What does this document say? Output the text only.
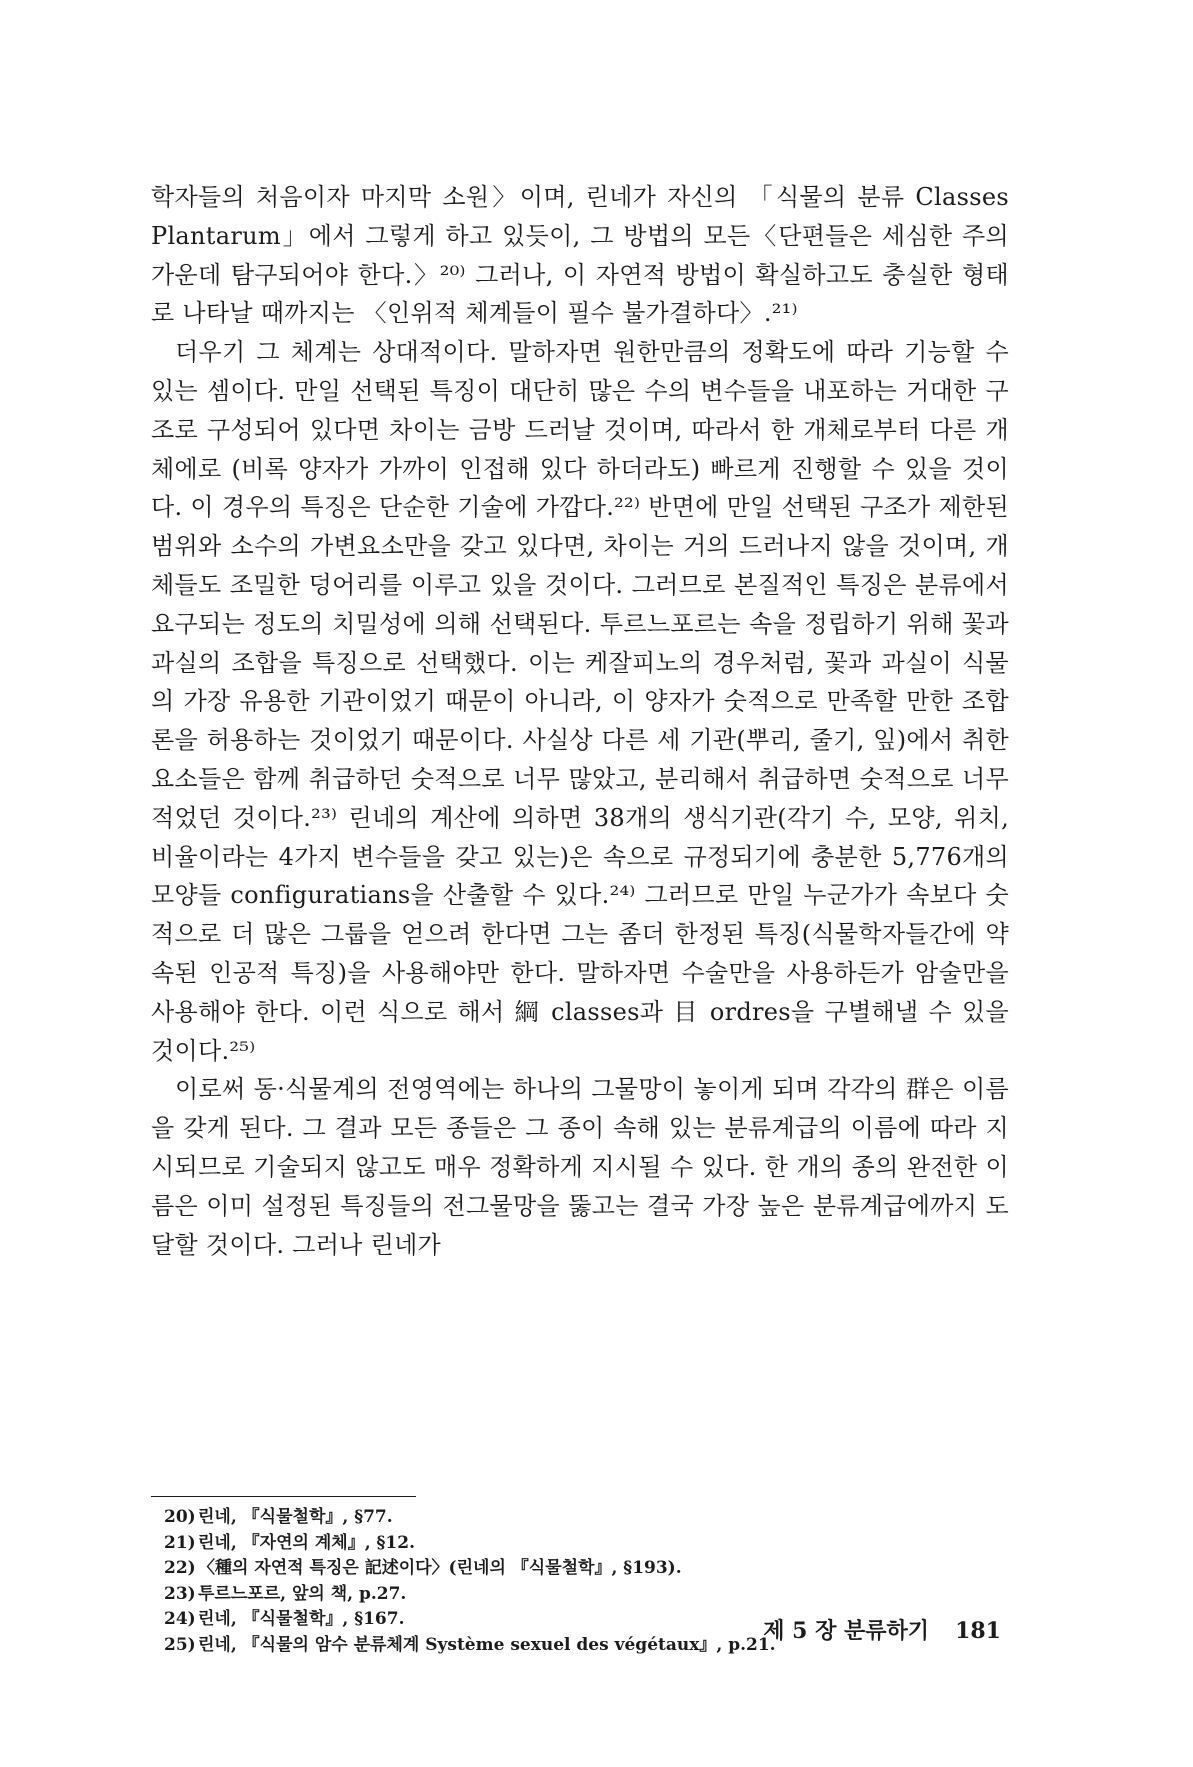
학자들의 처음이자 마지막 소원〉이며, 린네가 자신의 「식물의 분류 Classes Plantarum」에서 그렇게 하고 있듯이, 그 방법의 모든〈단편들은 세심한 주의 가운데 탐구되어야 한다.〉²⁰⁾ 그러나, 이 자연적 방법이 확실하고도 충실한 형태로 나타날 때까지는 〈인위적 체계들이 필수 불가결하다〉.²¹⁾

더우기 그 체계는 상대적이다. 말하자면 원한만큼의 정확도에 따라 기능할 수 있는 셈이다. 만일 선택된 특징이 대단히 많은 수의 변수들을 내포하는 거대한 구조로 구성되어 있다면 차이는 금방 드러날 것이며, 따라서 한 개체로부터 다른 개체에로 (비록 양자가 가까이 인접해 있다 하더라도) 빠르게 진행할 수 있을 것이다. 이 경우의 특징은 단순한 기술에 가깝다.²²⁾ 반면에 만일 선택된 구조가 제한된 범위와 소수의 가변요소만을 갖고 있다면, 차이는 거의 드러나지 않을 것이며, 개체들도 조밀한 덩어리를 이루고 있을 것이다. 그러므로 본질적인 특징은 분류에서 요구되는 정도의 치밀성에 의해 선택된다. 투르느포르는 속을 정립하기 위해 꽃과 과실의 조합을 특징으로 선택했다. 이는 케잘피노의 경우처럼, 꽃과 과실이 식물의 가장 유용한 기관이었기 때문이 아니라, 이 양자가 숫적으로 만족할 만한 조합론을 허용하는 것이었기 때문이다. 사실상 다른 세 기관(뿌리, 줄기, 잎)에서 취한 요소들은 함께 취급하던 숫적으로 너무 많았고, 분리해서 취급하면 숫적으로 너무 적었던 것이다.²³⁾ 린네의 계산에 의하면 38개의 생식기관(각기 수, 모양, 위치, 비율이라는 4가지 변수들을 갖고 있는)은 속으로 규정되기에 충분한 5,776개의 모양들 configuratians을 산출할 수 있다.²⁴⁾ 그러므로 만일 누군가가 속보다 숫적으로 더 많은 그룹을 얻으려 한다면 그는 좀더 한정된 특징(식물학자들간에 약속된 인공적 특징)을 사용해야만 한다. 말하자면 수술만을 사용하든가 암술만을 사용해야 한다. 이런 식으로 해서 綱 classes과 目 ordres을 구별해낼 수 있을 것이다.²⁵⁾

이로써 동·식물계의 전영역에는 하나의 그물망이 놓이게 되며 각각의 群은 이름을 갖게 된다. 그 결과 모든 종들은 그 종이 속해 있는 분류계급의 이름에 따라 지시되므로 기술되지 않고도 매우 정확하게 지시될 수 있다. 한 개의 종의 완전한 이름은 이미 설정된 특징들의 전그물망을 뚫고는 결국 가장 높은 분류계급에까지 도달할 것이다. 그러나 린네가

20) 린네, 『식물철학』, §77.

21) 린네, 『자연의 계체』, §12.

22) 〈種의 자연적 특징은 記述이다〉(린네의 『식물철학』, §193).

23) 투르느포르, 앞의 책, p.27.

24) 린네, 『식물철학』, §167.

25) 린네, 『식물의 암수 분류체계 Système sexuel des végétaux』, p.21.

제 5 장 분류하기 181
